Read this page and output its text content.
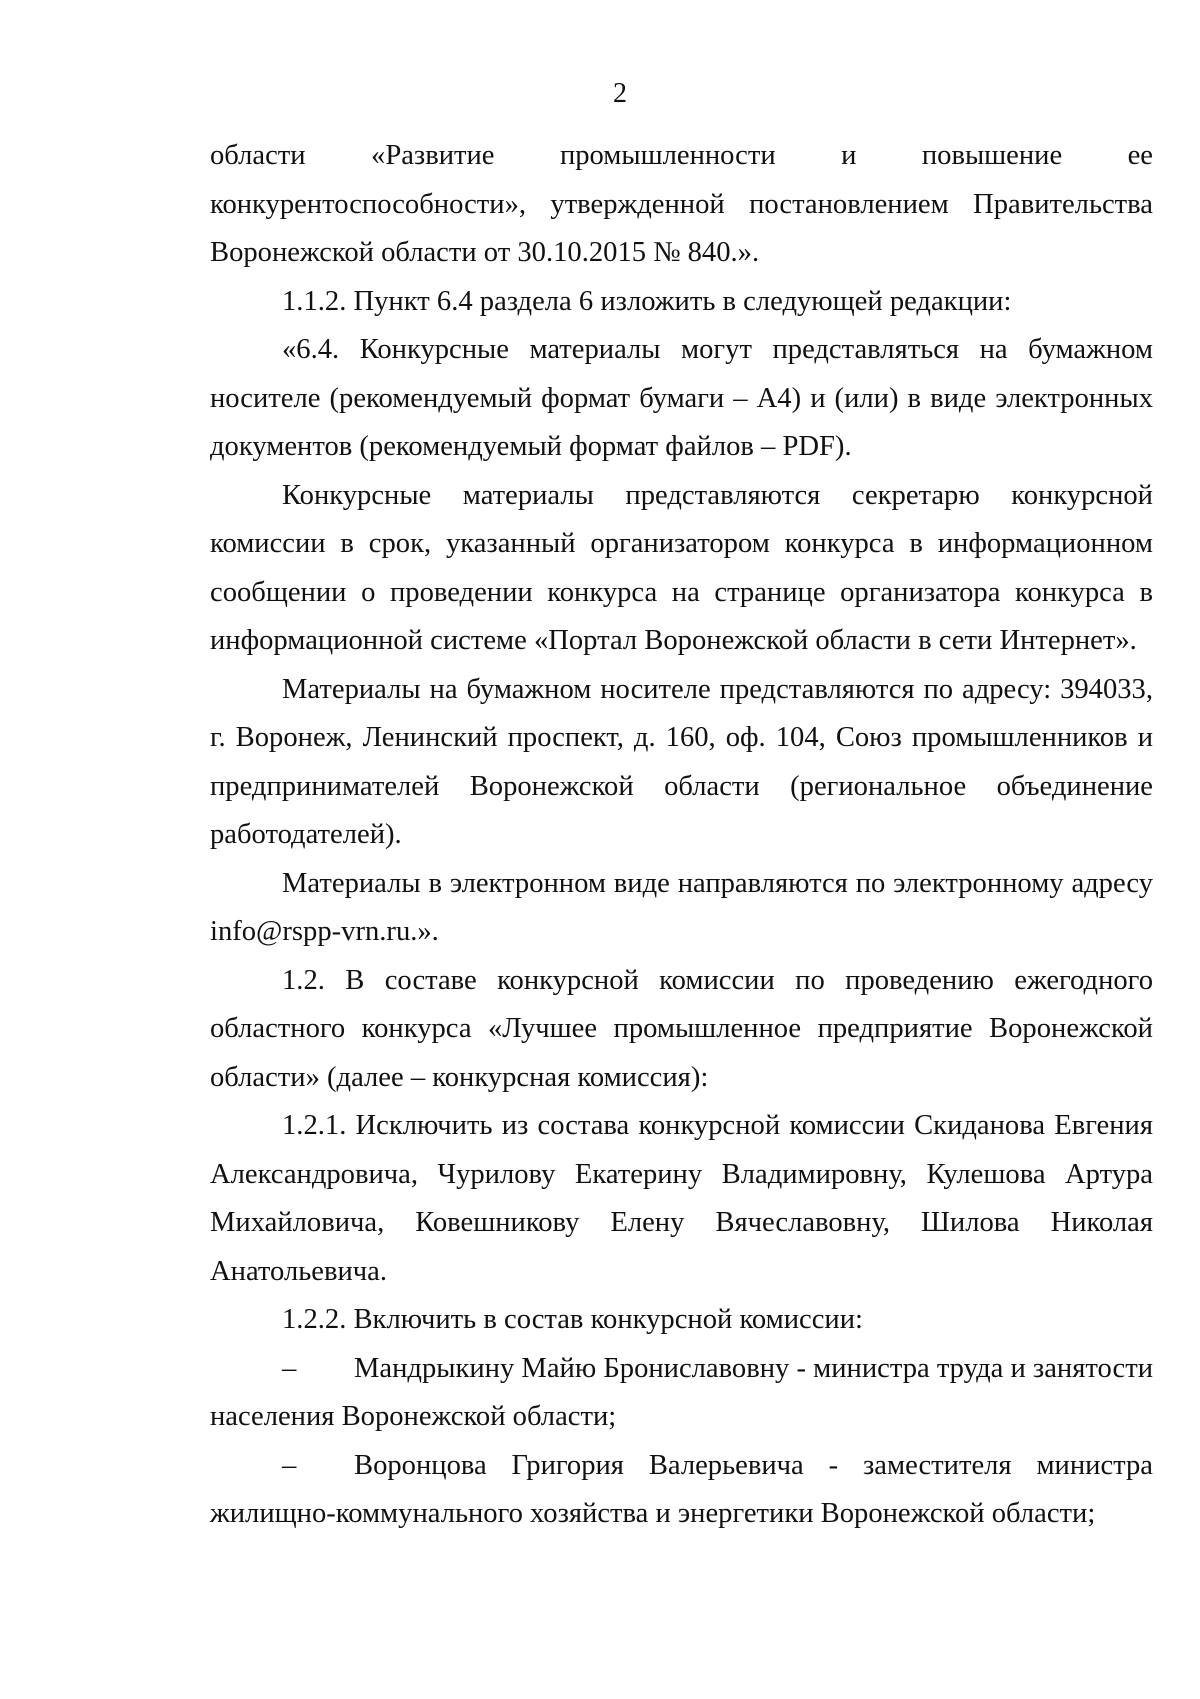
2

области «Развитие промышленности и повышение ее конкурентоспособности», утвержденной постановлением Правительства Воронежской области от 30.10.2015 № 840.».

1.1.2. Пункт 6.4 раздела 6 изложить в следующей редакции:

«6.4. Конкурсные материалы могут представляться на бумажном носителе (рекомендуемый формат бумаги – А4) и (или) в виде электронных документов (рекомендуемый формат файлов – PDF).

Конкурсные материалы представляются секретарю конкурсной комиссии в срок, указанный организатором конкурса в информационном сообщении о проведении конкурса на странице организатора конкурса в информационной системе «Портал Воронежской области в сети Интернет».

Материалы на бумажном носителе представляются по адресу: 394033, г. Воронеж, Ленинский проспект, д. 160, оф. 104, Союз промышленников и предпринимателей Воронежской области (региональное объединение работодателей).

Материалы в электронном виде направляются по электронному адресу info@rspp-vrn.ru.».

1.2. В составе конкурсной комиссии по проведению ежегодного областного конкурса «Лучшее промышленное предприятие Воронежской области» (далее – конкурсная комиссия):

1.2.1. Исключить из состава конкурсной комиссии Скиданова Евгения Александровича, Чурилову Екатерину Владимировну, Кулешова Артура Михайловича, Ковешникову Елену Вячеславовну, Шилова Николая Анатольевича.

1.2.2. Включить в состав конкурсной комиссии:

– Мандрыкину Майю Брониславовну - министра труда и занятости населения Воронежской области;

– Воронцова Григория Валерьевича - заместителя министра жилищно-коммунального хозяйства и энергетики Воронежской области;
